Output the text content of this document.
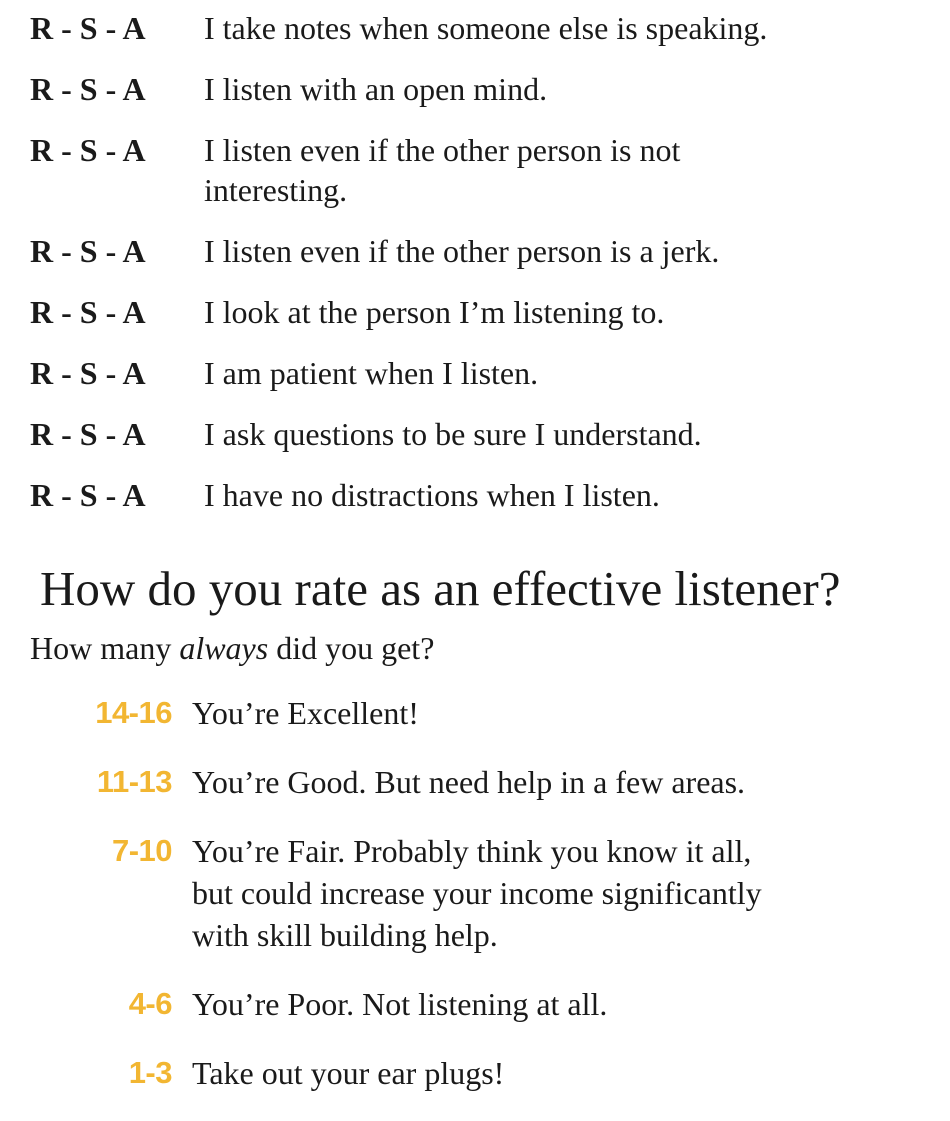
R - S - A	I take notes when someone else is speaking.
R - S - A	I listen with an open mind.
R - S - A	I listen even if the other person is not interesting.
R - S - A	I listen even if the other person is a jerk.
R - S - A	I look at the person I’m listening to.
R - S - A	I am patient when I listen.
R - S - A	I ask questions to be sure I understand.
R - S - A	I have no distractions when I listen.
How do you rate as an effective listener?
How many always did you get?
14-16 You’re Excellent!
11-13 You’re Good. But need help in a few areas.
7-10 You’re Fair. Probably think you know it all, but could increase your income significantly with skill building help.
4-6 You’re Poor. Not listening at all.
1-3 Take out your ear plugs!
